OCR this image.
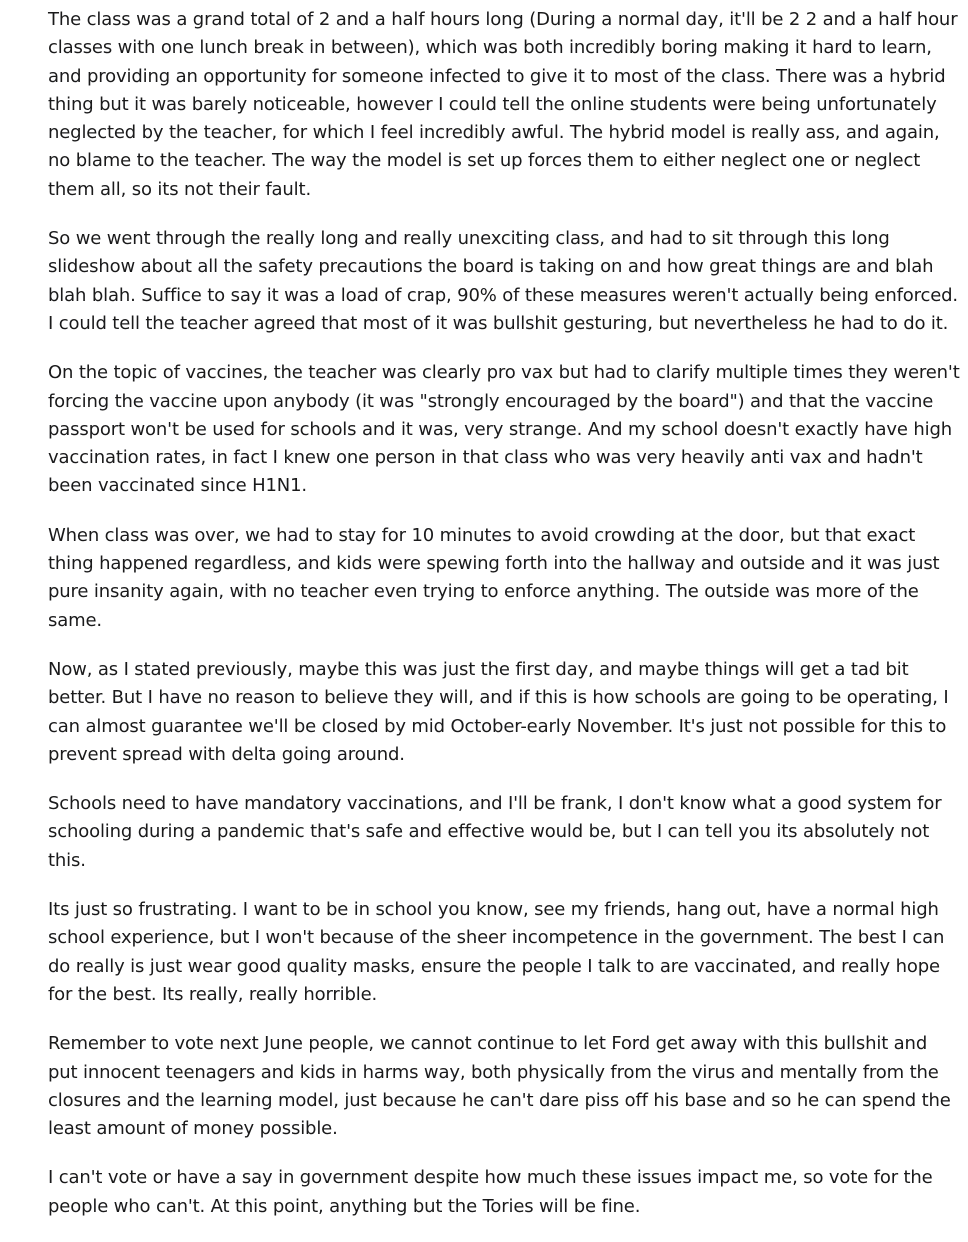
The class was a grand total of 2 and a half hours long (During a normal day, it'll be 2 2 and a half hour classes with one lunch break in between), which was both incredibly boring making it hard to learn, and providing an opportunity for someone infected to give it to most of the class. There was a hybrid thing but it was barely noticeable, however I could tell the online students were being unfortunately neglected by the teacher, for which I feel incredibly awful. The hybrid model is really ass, and again, no blame to the teacher. The way the model is set up forces them to either neglect one or neglect them all, so its not their fault.

So we went through the really long and really unexciting class, and had to sit through this long slideshow about all the safety precautions the board is taking on and how great things are and blah blah blah. Suffice to say it was a load of crap, 90% of these measures weren't actually being enforced. I could tell the teacher agreed that most of it was bullshit gesturing, but nevertheless he had to do it.

On the topic of vaccines, the teacher was clearly pro vax but had to clarify multiple times they weren't forcing the vaccine upon anybody (it was "strongly encouraged by the board") and that the vaccine passport won't be used for schools and it was, very strange. And my school doesn't exactly have high vaccination rates, in fact I knew one person in that class who was very heavily anti vax and hadn't been vaccinated since H1N1.

When class was over, we had to stay for 10 minutes to avoid crowding at the door, but that exact thing happened regardless, and kids were spewing forth into the hallway and outside and it was just pure insanity again, with no teacher even trying to enforce anything. The outside was more of the same.

Now, as I stated previously, maybe this was just the first day, and maybe things will get a tad bit better. But I have no reason to believe they will, and if this is how schools are going to be operating, I can almost guarantee we'll be closed by mid October-early November. It's just not possible for this to prevent spread with delta going around.

Schools need to have mandatory vaccinations, and I'll be frank, I don't know what a good system for schooling during a pandemic that's safe and effective would be, but I can tell you its absolutely not this.

Its just so frustrating. I want to be in school you know, see my friends, hang out, have a normal high school experience, but I won't because of the sheer incompetence in the government. The best I can do really is just wear good quality masks, ensure the people I talk to are vaccinated, and really hope for the best. Its really, really horrible.

Remember to vote next June people, we cannot continue to let Ford get away with this bullshit and put innocent teenagers and kids in harms way, both physically from the virus and mentally from the closures and the learning model, just because he can't dare piss off his base and so he can spend the least amount of money possible.

I can't vote or have a say in government despite how much these issues impact me, so vote for the people who can't. At this point, anything but the Tories will be fine.
